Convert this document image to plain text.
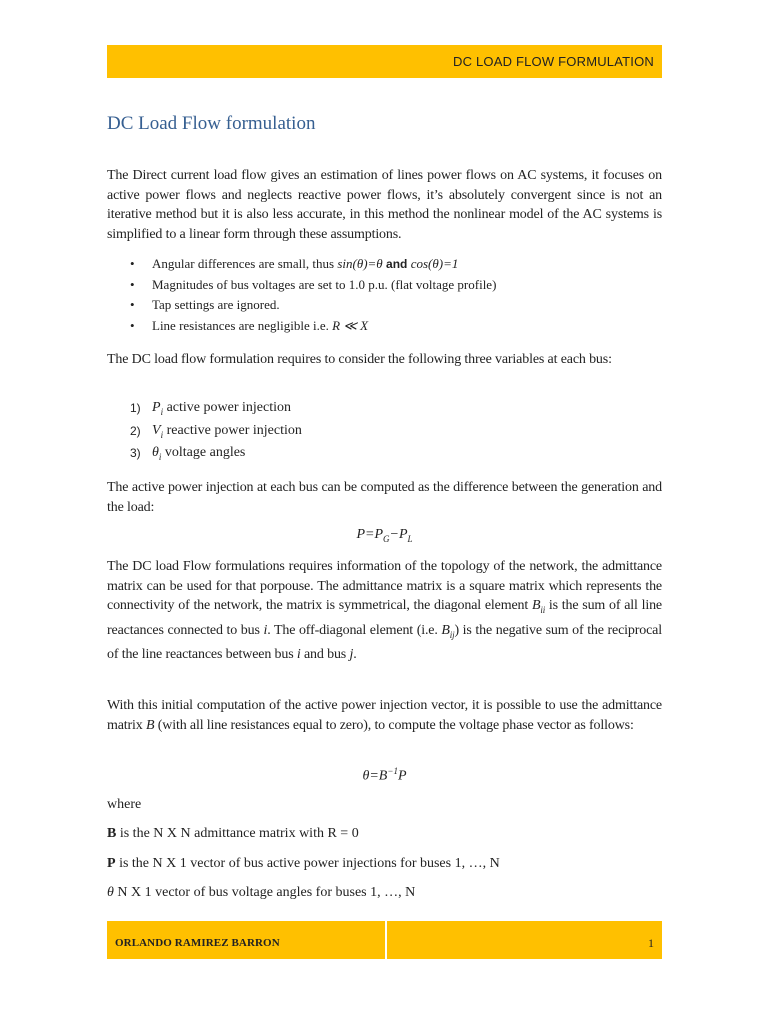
DC LOAD FLOW FORMULATION
DC Load Flow formulation
The Direct current load flow gives an estimation of lines power flows on AC systems, it focuses on active power flows and neglects reactive power flows, it’s absolutely convergent since is not an iterative method but it is also less accurate, in this method the nonlinear model of the AC systems is simplified to a linear form through these assumptions.
• Angular differences are small, thus sin(θ)=θ and cos(θ)=1
• Magnitudes of bus voltages are set to 1.0 p.u. (flat voltage profile)
• Tap settings are ignored.
• Line resistances are negligible i.e. R ≪ X
The DC load flow formulation requires to consider the following three variables at each bus:
1) $P_i$ active power injection
2) $V_i$ reactive power injection
3) $\theta_i$ voltage angles
The active power injection at each bus can be computed as the difference between the generation and the load:
$P=P_G-P_L$
The DC load Flow formulations requires information of the topology of the network, the admittance matrix can be used for that porpouse. The admittance matrix is a square matrix which represents the connectivity of the network, the matrix is symmetrical, the diagonal element $B_{ii}$ is the sum of all line reactances connected to bus i. The off-diagonal element (i.e. $B_{ij}$) is the negative sum of the reciprocal of the line reactances between bus i and bus j.
With this initial computation of the active power injection vector, it is possible to use the admittance matrix B (with all line resistances equal to zero), to compute the voltage phase vector as follows:
$\theta=B^{-1}P$
where
B is the N X N admittance matrix with R = 0
P is the N X 1 vector of bus active power injections for buses 1, …, N
θ N X 1 vector of bus voltage angles for buses 1, …, N
ORLANDO RAMIREZ BARRON	1
